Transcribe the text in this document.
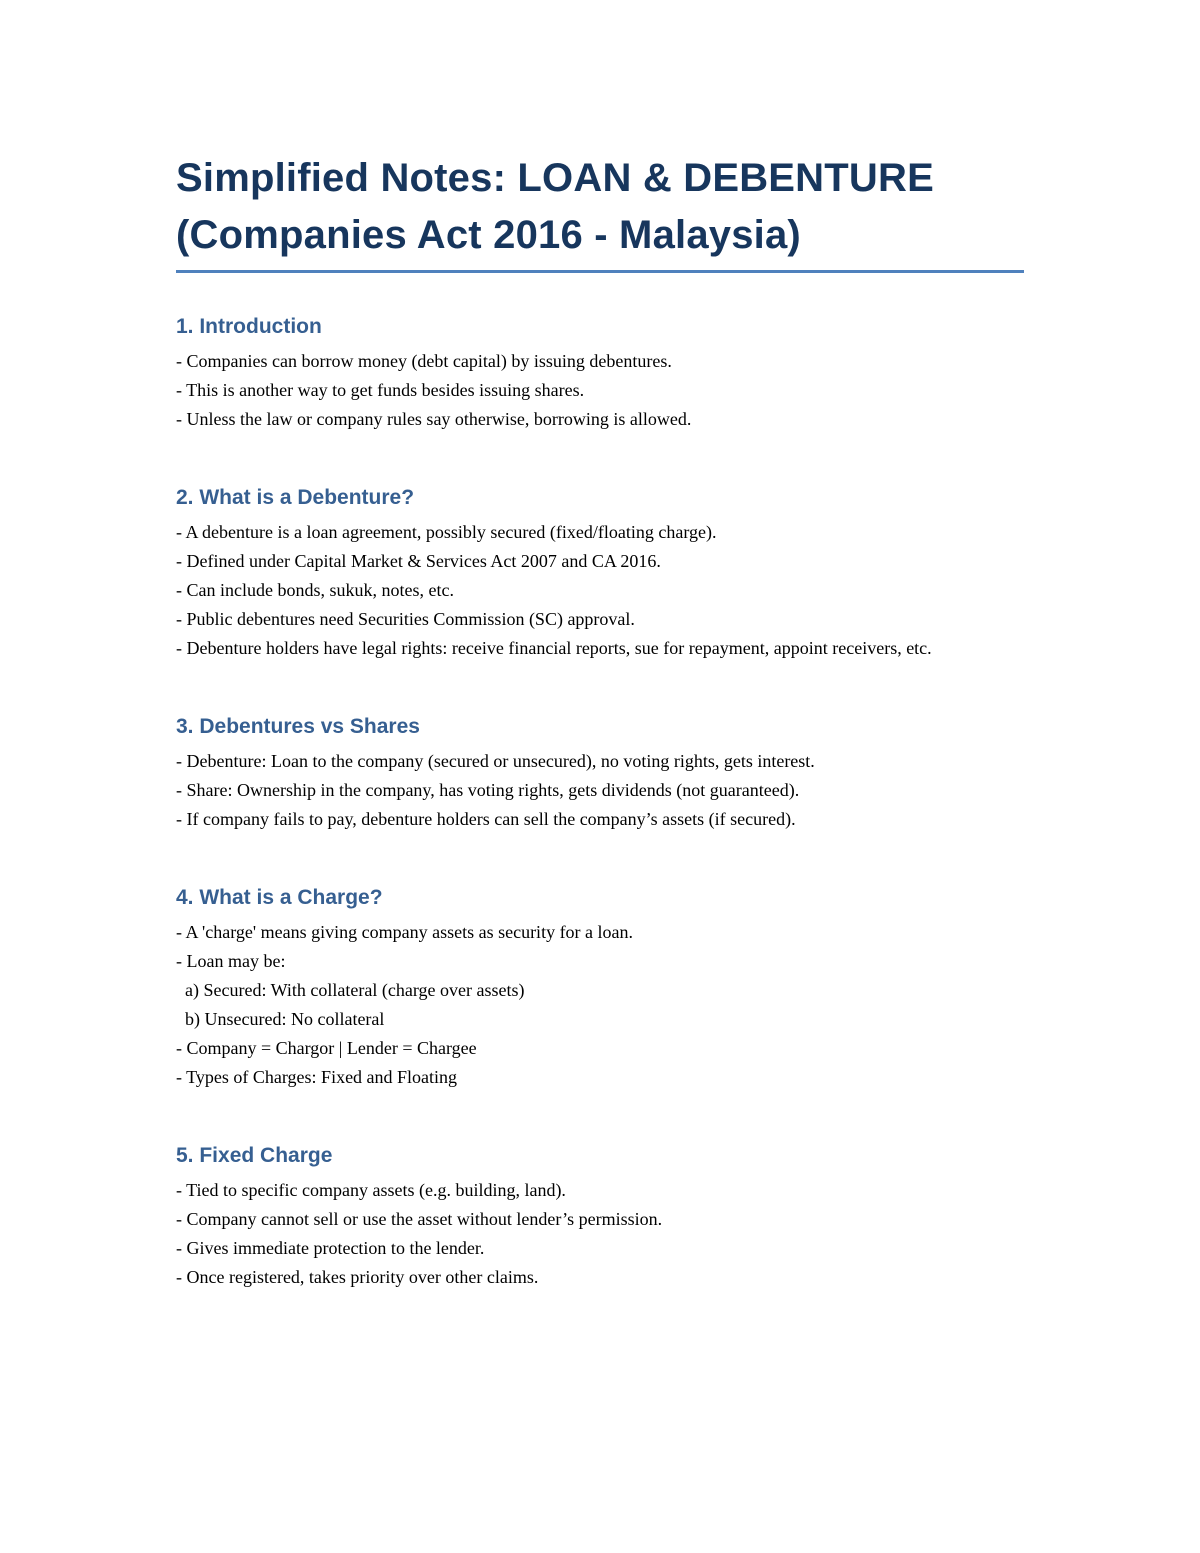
Simplified Notes: LOAN & DEBENTURE
(Companies Act 2016 - Malaysia)
1. Introduction
- Companies can borrow money (debt capital) by issuing debentures.
- This is another way to get funds besides issuing shares.
- Unless the law or company rules say otherwise, borrowing is allowed.
2. What is a Debenture?
- A debenture is a loan agreement, possibly secured (fixed/floating charge).
- Defined under Capital Market & Services Act 2007 and CA 2016.
- Can include bonds, sukuk, notes, etc.
- Public debentures need Securities Commission (SC) approval.
- Debenture holders have legal rights: receive financial reports, sue for repayment, appoint receivers, etc.
3. Debentures vs Shares
- Debenture: Loan to the company (secured or unsecured), no voting rights, gets interest.
- Share: Ownership in the company, has voting rights, gets dividends (not guaranteed).
- If company fails to pay, debenture holders can sell the company’s assets (if secured).
4. What is a Charge?
- A 'charge' means giving company assets as security for a loan.
- Loan may be:
a) Secured: With collateral (charge over assets)
b) Unsecured: No collateral
- Company = Chargor | Lender = Chargee
- Types of Charges: Fixed and Floating
5. Fixed Charge
- Tied to specific company assets (e.g. building, land).
- Company cannot sell or use the asset without lender’s permission.
- Gives immediate protection to the lender.
- Once registered, takes priority over other claims.
